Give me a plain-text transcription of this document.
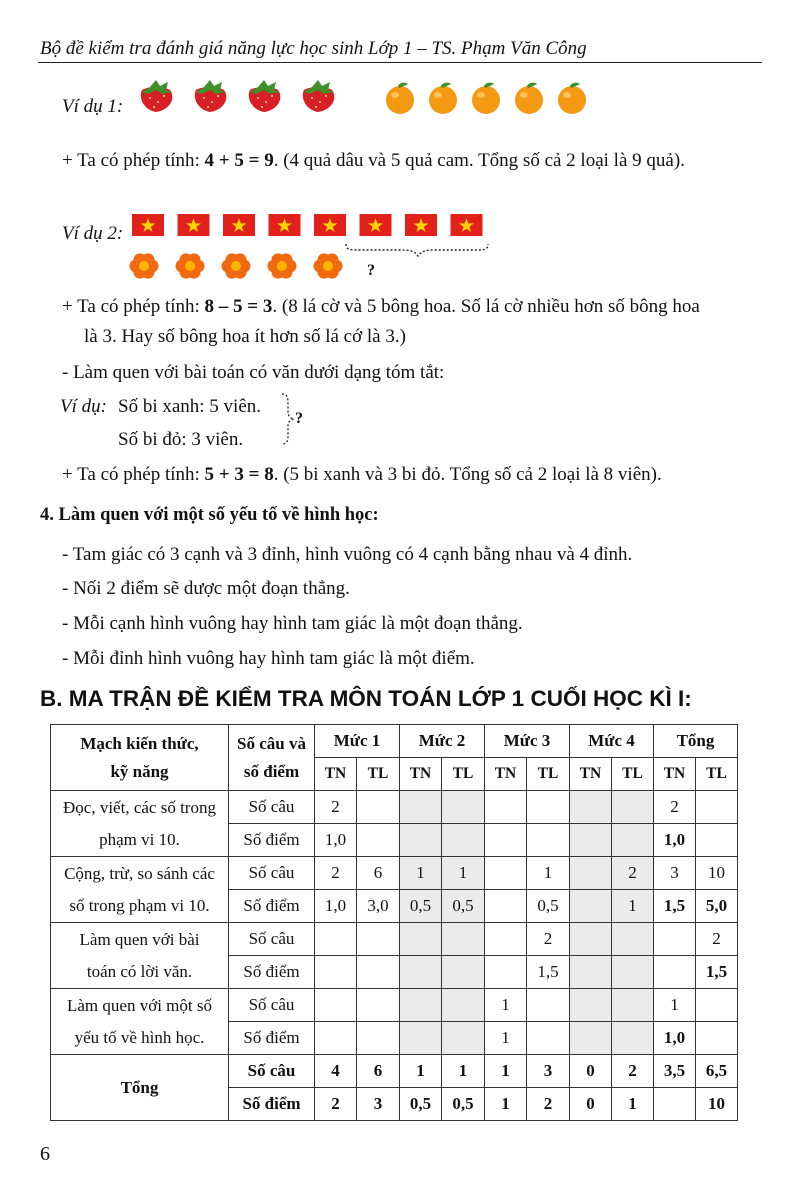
Bộ đề kiểm tra đánh giá năng lực học sinh Lớp 1 – TS. Phạm Văn Công
Ví dụ 1:
+ Ta có phép tính: 4 + 5 = 9. (4 quả dâu và 5 quả cam. Tổng số cả 2 loại là 9 quả).
Ví dụ 2:
?
+ Ta có phép tính: 8 – 5 = 3. (8 lá cờ và 5 bông hoa. Số lá cờ nhiều hơn số bông hoa
là 3. Hay số bông hoa ít hơn số lá cớ là 3.)
- Làm quen với bài toán có văn dưới dạng tóm tắt:
Ví dụ: Số bi xanh: 5 viên.
Số bi đỏ: 3 viên.
?
+ Ta có phép tính: 5 + 3 = 8. (5 bi xanh và 3 bi đỏ. Tổng số cả 2 loại là 8 viên).
4. Làm quen với một số yếu tố về hình học:
- Tam giác có 3 cạnh và 3 đỉnh, hình vuông có 4 cạnh bằng nhau và 4 đỉnh.
- Nối 2 điểm sẽ dược một đoạn thẳng.
- Mỗi cạnh hình vuông hay hình tam giác là một đoạn thẳng.
- Mỗi đỉnh hình vuông hay hình tam giác là một điểm.
B. MA TRẬN ĐỀ KIỂM TRA MÔN TOÁN LỚP 1 CUỐI HỌC KÌ I:
Mạch kiến thức,
kỹ năng	Số câu và
số điểm	Mức 1		Mức 2		Mức 3		Mức 4		Tổng	
		TN	TL	TN	TL	TN	TL	TN	TL	TN	TL
Đọc, viết, các số trong
phạm vi 10.	Số câu	2								2	
	Số điểm	1,0								1,0	
Cộng, trừ, so sánh các
số trong phạm vi 10.	Số câu	2	6	1	1		1		2	3	10
	Số điểm	1,0	3,0	0,5	0,5		0,5		1	1,5	5,0
Làm quen với bài
toán có lời văn.	Số câu						2				2
	Số điểm						1,5				1,5
Làm quen với một số
yếu tố về hình học.	Số câu					1				1	
	Số điểm					1				1,0	
Tổng	Số câu	4	6	1	1	1	3	0	2	3,5	6,5
	Số điểm	2	3	0,5	0,5	1	2	0	1		10
6
